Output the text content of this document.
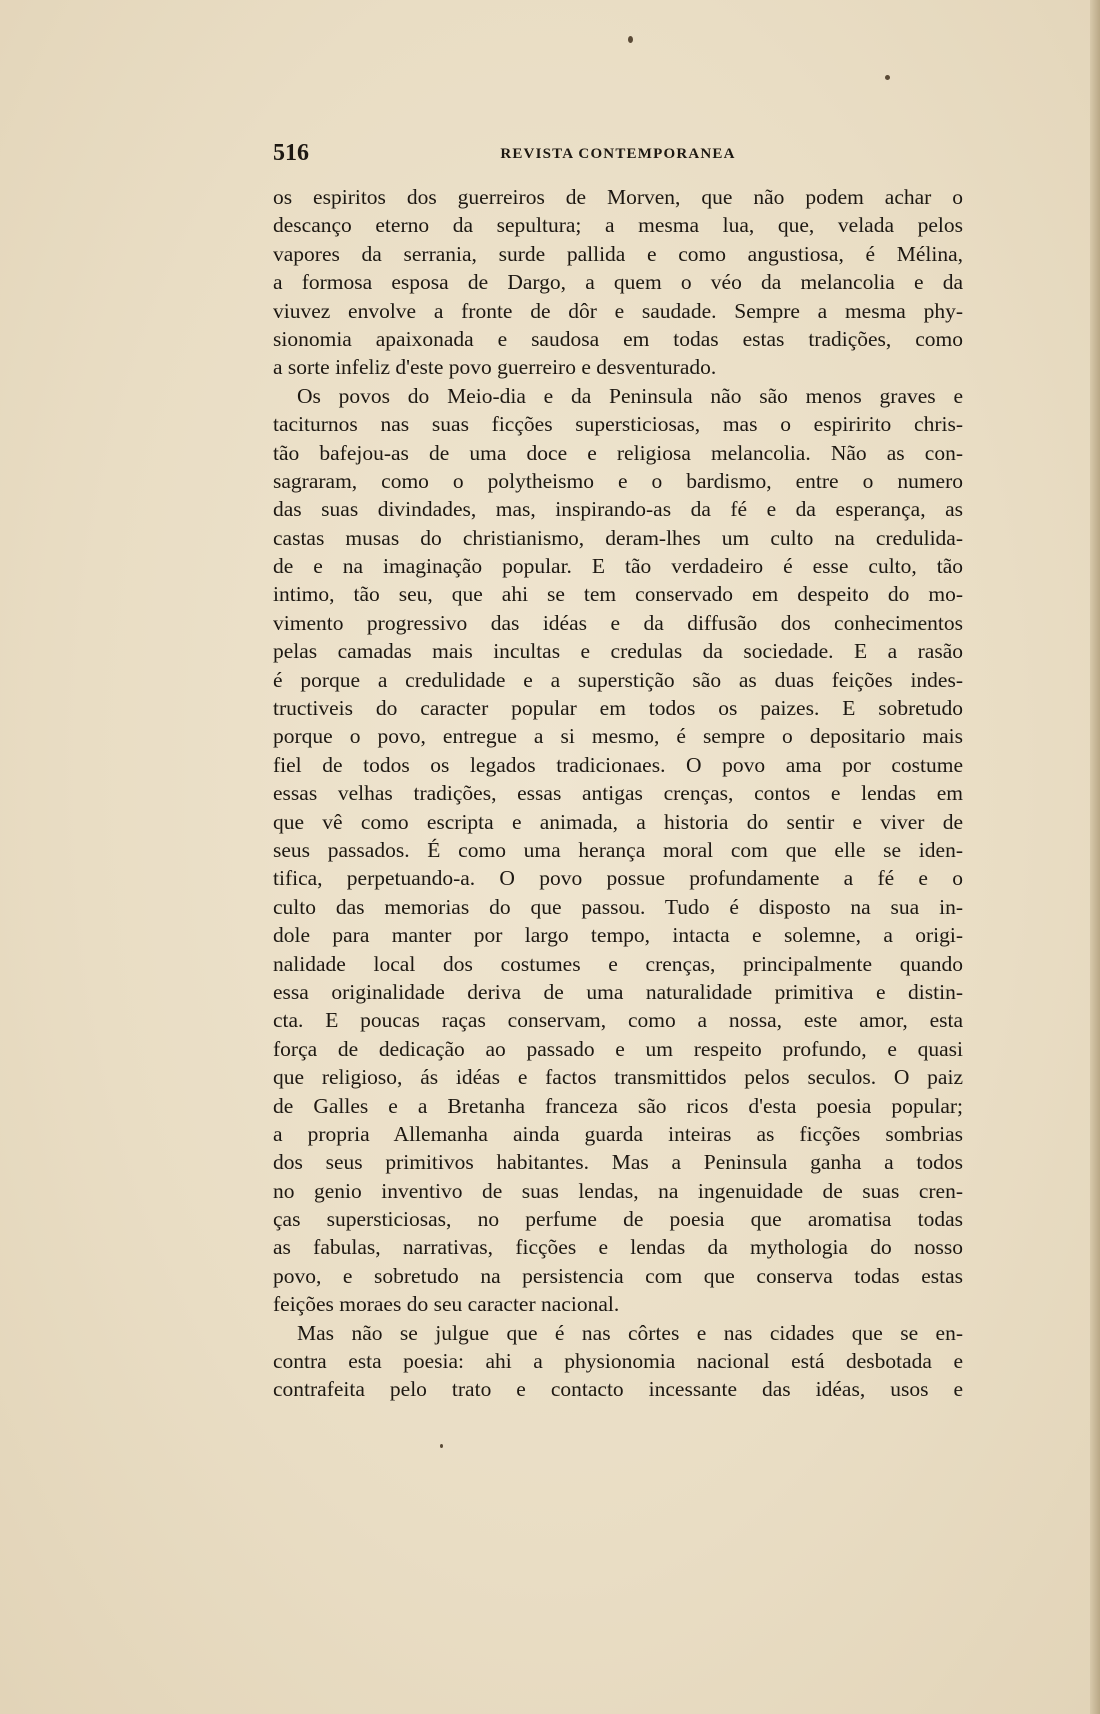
516	REVISTA CONTEMPORANEA
os espiritos dos guerreiros de Morven, que não podem achar o
descanço eterno da sepultura; a mesma lua, que, velada pelos
vapores da serrania, surde pallida e como angustiosa, é Mélina,
a formosa esposa de Dargo, a quem o véo da melancolia e da
viuvez envolve a fronte de dôr e saudade. Sempre a mesma phy-
sionomia apaixonada e saudosa em todas estas tradições, como
a sorte infeliz d'este povo guerreiro e desventurado.
Os povos do Meio-dia e da Peninsula não são menos graves e
taciturnos nas suas ficções supersticiosas, mas o espiririto chris-
tão bafejou-as de uma doce e religiosa melancolia. Não as con-
sagraram, como o polytheismo e o bardismo, entre o numero
das suas divindades, mas, inspirando-as da fé e da esperança, as
castas musas do christianismo, deram-lhes um culto na credulida-
de e na imaginação popular. E tão verdadeiro é esse culto, tão
intimo, tão seu, que ahi se tem conservado em despeito do mo-
vimento progressivo das idéas e da diffusão dos conhecimentos
pelas camadas mais incultas e credulas da sociedade. E a rasão
é porque a credulidade e a superstição são as duas feições indes-
tructiveis do caracter popular em todos os paizes. E sobretudo
porque o povo, entregue a si mesmo, é sempre o depositario mais
fiel de todos os legados tradicionaes. O povo ama por costume
essas velhas tradições, essas antigas crenças, contos e lendas em
que vê como escripta e animada, a historia do sentir e viver de
seus passados. É como uma herança moral com que elle se iden-
tifica, perpetuando-a. O povo possue profundamente a fé e o
culto das memorias do que passou. Tudo é disposto na sua in-
dole para manter por largo tempo, intacta e solemne, a origi-
nalidade local dos costumes e crenças, principalmente quando
essa originalidade deriva de uma naturalidade primitiva e distin-
cta. E poucas raças conservam, como a nossa, este amor, esta
força de dedicação ao passado e um respeito profundo, e quasi
que religioso, ás idéas e factos transmittidos pelos seculos. O paiz
de Galles e a Bretanha franceza são ricos d'esta poesia popular;
a propria Allemanha ainda guarda inteiras as ficções sombrias
dos seus primitivos habitantes. Mas a Peninsula ganha a todos
no genio inventivo de suas lendas, na ingenuidade de suas cren-
ças supersticiosas, no perfume de poesia que aromatisa todas
as fabulas, narrativas, ficções e lendas da mythologia do nosso
povo, e sobretudo na persistencia com que conserva todas estas
feições moraes do seu caracter nacional.
Mas não se julgue que é nas côrtes e nas cidades que se en-
contra esta poesia: ahi a physionomia nacional está desbotada e
contrafeita pelo trato e contacto incessante das idéas, usos e
